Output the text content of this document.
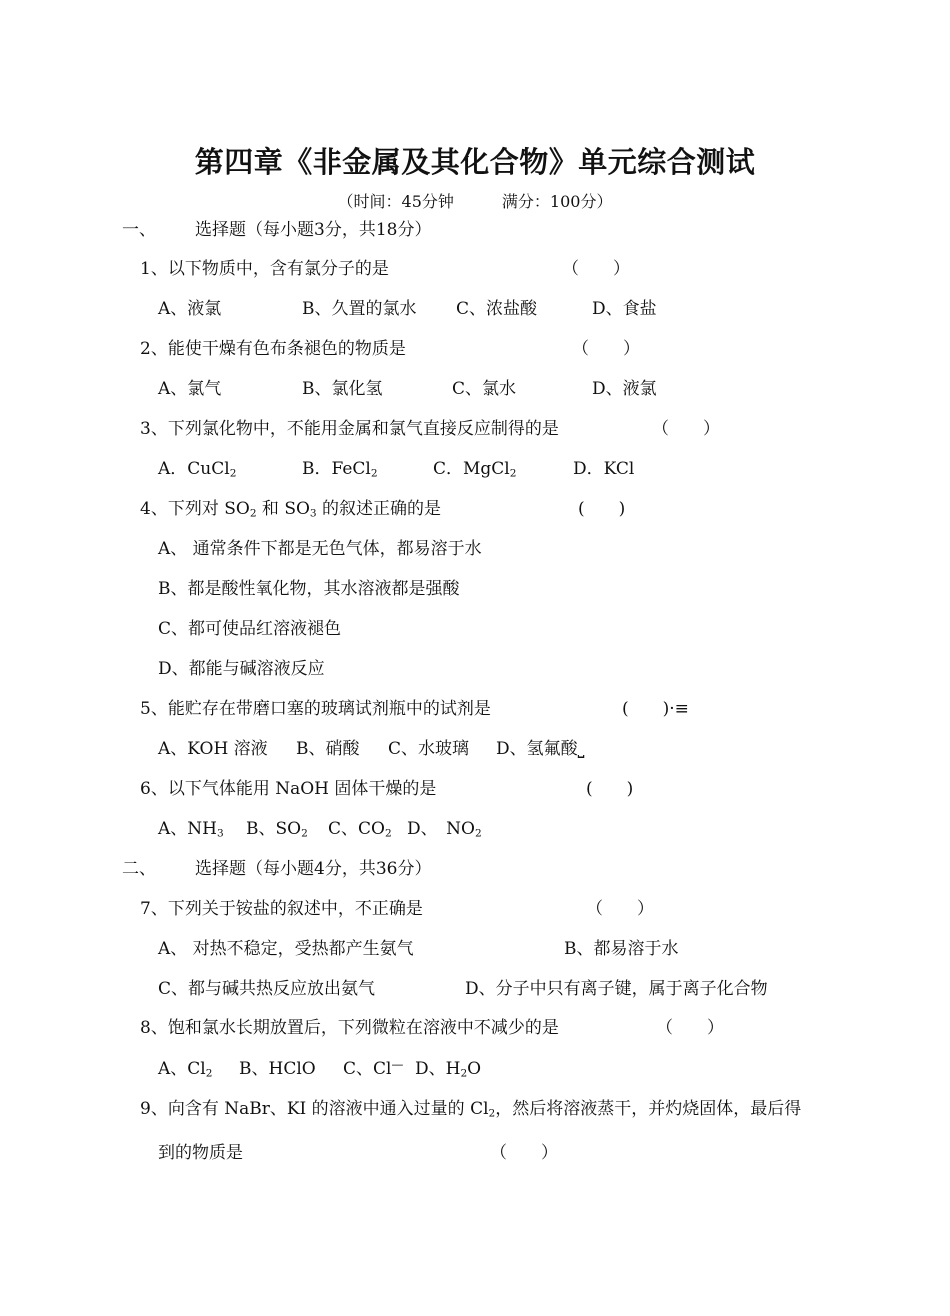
第四章《非金属及其化合物》单元综合测试
（时间：45分钟　　　满分：100分）
一、 选择题（每小题3分，共18分）
1、以下物质中，含有氯分子的是	（　　）
A、液氯	B、久置的氯水 C、浓盐酸	D、食盐
2、能使干燥有色布条褪色的物质是	（　　）
A、氯气	B、氯化氢	C、氯水	D、液氯
3、下列氯化物中，不能用金属和氯气直接反应制得的是	（　　）
A．CuCl$_2$	B．FeCl$_2$	C．MgCl$_2$	D．KCl
4、下列对 $SO_2$ 和 $SO_3$ 的叙述正确的是	(　　)
A、 通常条件下都是无色气体，都易溶于水
B、都是酸性氧化物，其水溶液都是强酸
C、都可使品红溶液褪色
D、都能与碱溶液反应
5、能贮存在带磨口塞的玻璃试剂瓶中的试剂是	(　　)·≡
A、KOH 溶液 B、硝酸 C、水玻璃 D、氢氟酸⎵
6、以下气体能用 NaOH 固体干燥的是	(　　)
A、$NH_3$ B、$SO_2$ C、$CO_2$ D、　$NO_2$
二、 选择题（每小题4分，共36分）
7、下列关于铵盐的叙述中，不正确是	（　　）
A、 对热不稳定，受热都产生氨气	B、都易溶于水
C、都与碱共热反应放出氨气	D、分子中只有离子键，属于离子化合物
8、饱和氯水长期放置后，下列微粒在溶液中不减少的是	（　　）
A、$Cl_2$ B、HClO C、Cl— D、$H_2O$
9、向含有 NaBr、KI 的溶液中通入过量的 $Cl_2$，然后将溶液蒸干，并灼烧固体，最后得
到的物质是	（　　）
